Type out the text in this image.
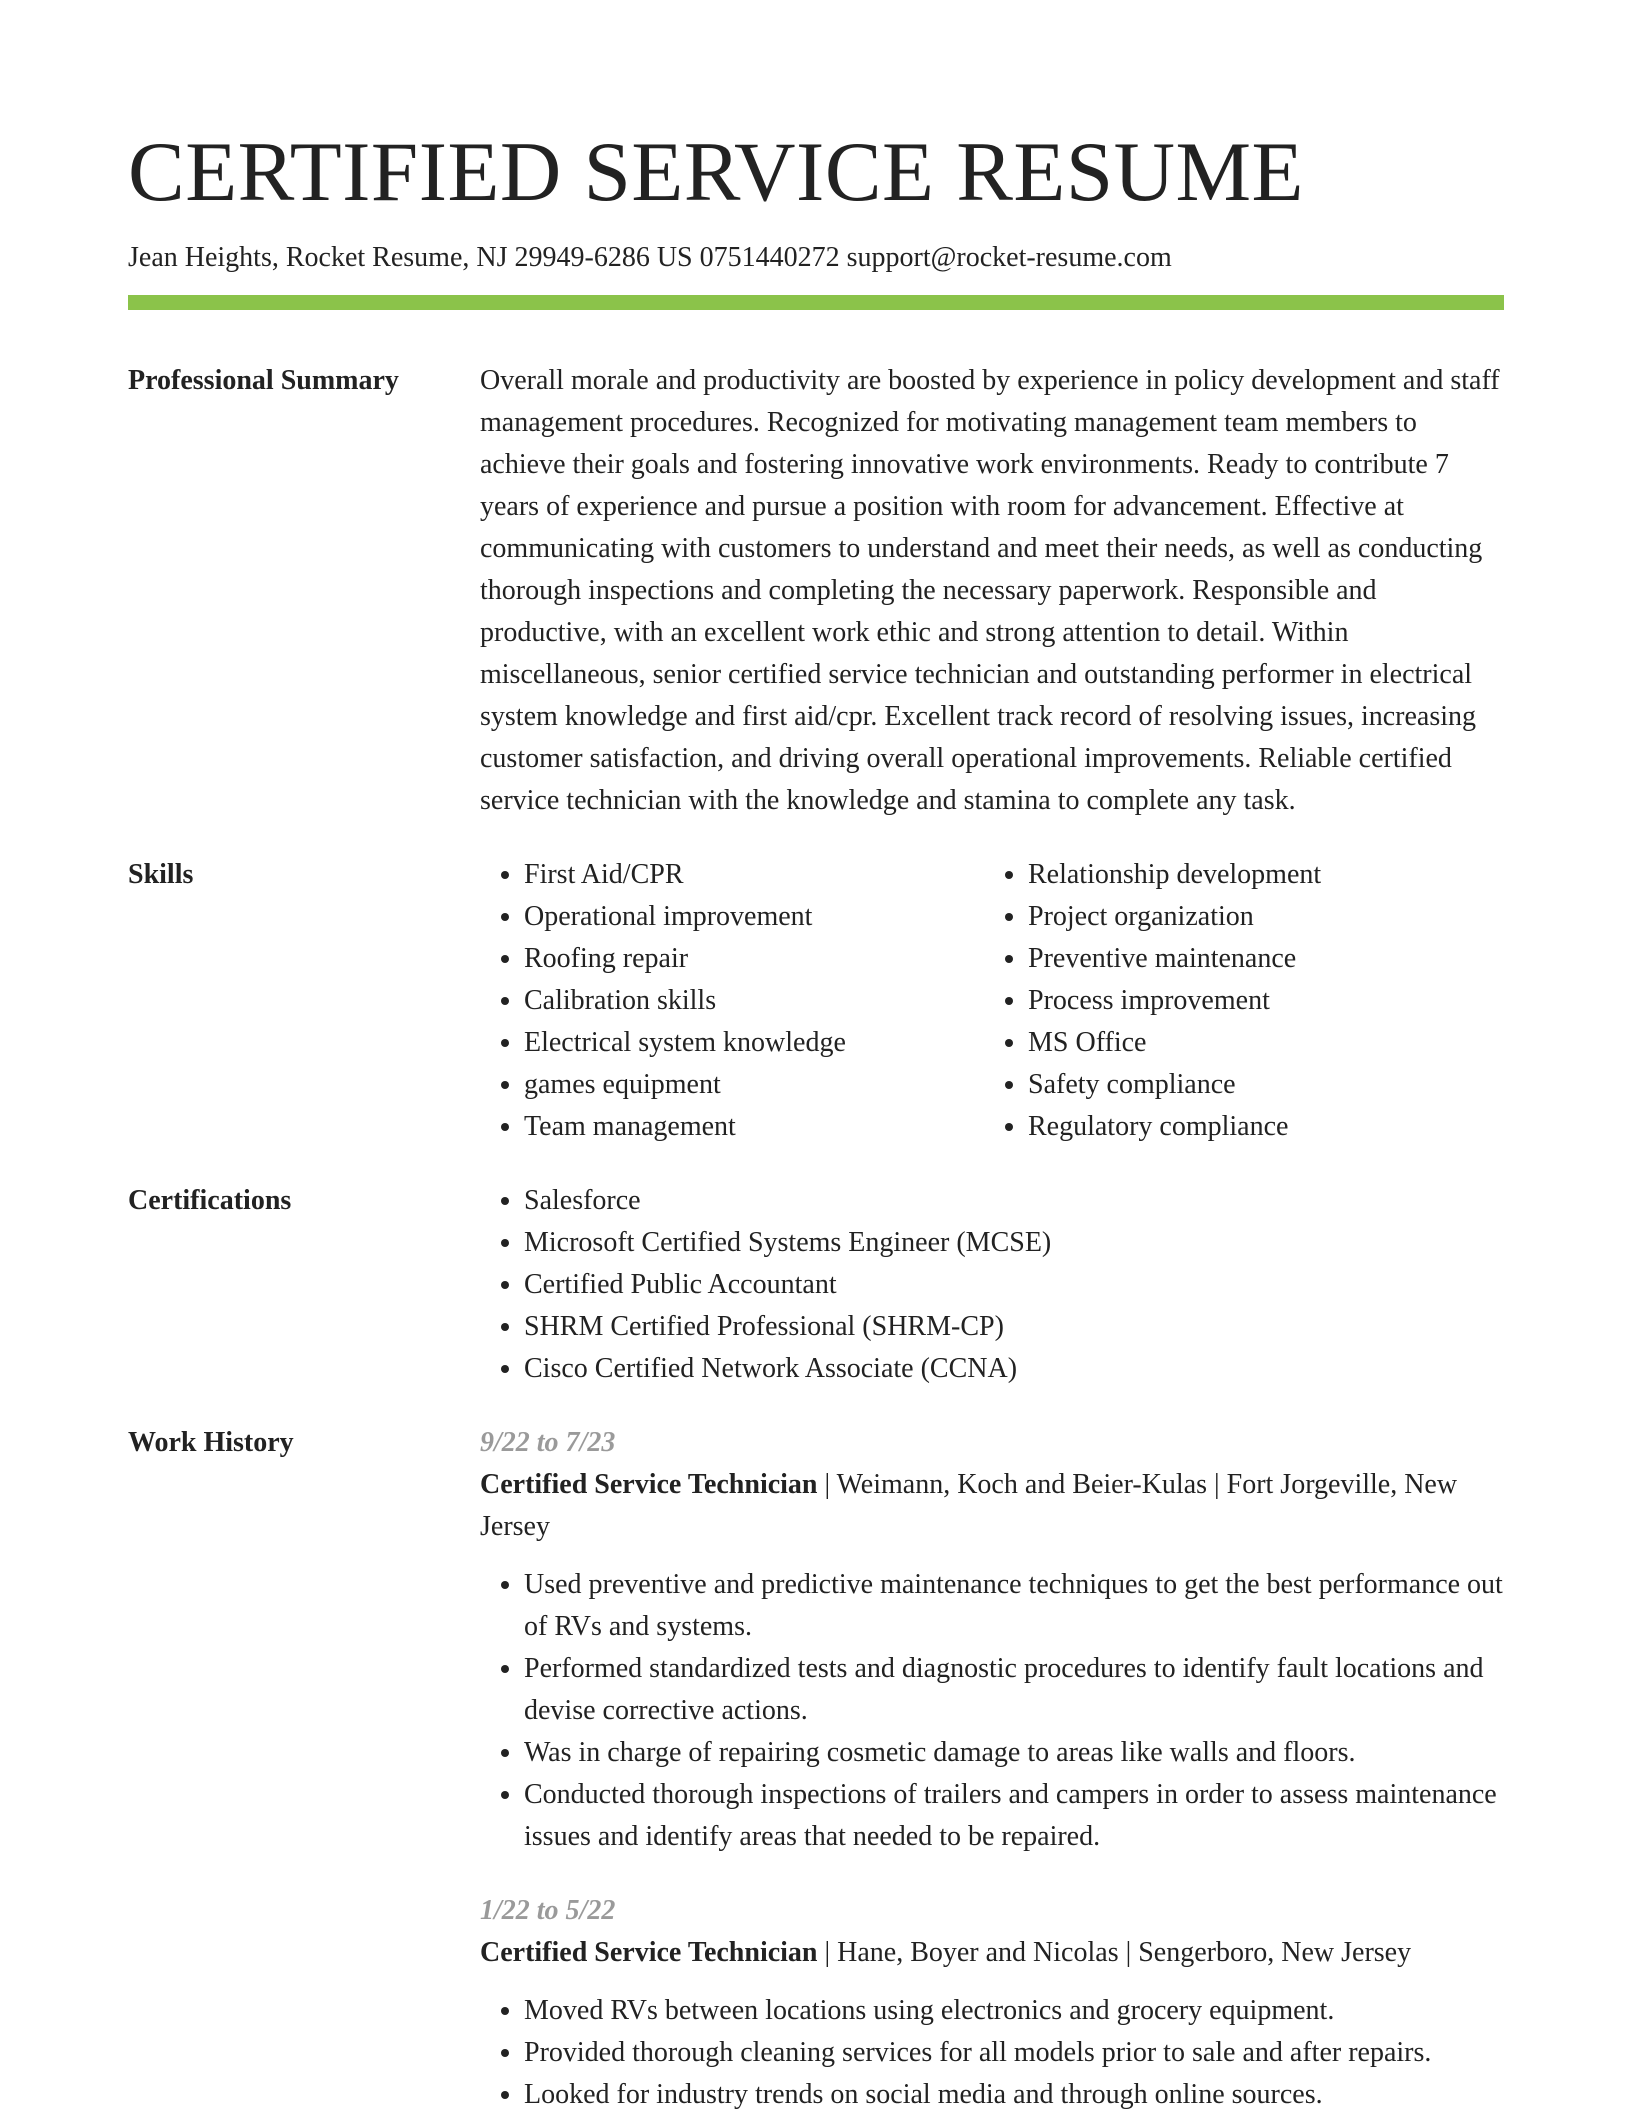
CERTIFIED SERVICE RESUME
Jean Heights, Rocket Resume, NJ 29949-6286 US 0751440272 support@rocket-resume.com
Professional Summary	Overall morale and productivity are boosted by experience in policy development and staff management procedures. Recognized for motivating management team members to achieve their goals and fostering innovative work environments. Ready to contribute 7 years of experience and pursue a position with room for advancement. Effective at communicating with customers to understand and meet their needs, as well as conducting thorough inspections and completing the necessary paperwork. Responsible and productive, with an excellent work ethic and strong attention to detail. Within miscellaneous, senior certified service technician and outstanding performer in electrical system knowledge and first aid/cpr. Excellent track record of resolving issues, increasing customer satisfaction, and driving overall operational improvements. Reliable certified service technician with the knowledge and stamina to complete any task.

Skills	• First Aid/CPR
• Operational improvement
• Roofing repair
• Calibration skills
• Electrical system knowledge
• games equipment
• Team management
• Relationship development
• Project organization
• Preventive maintenance
• Process improvement
• MS Office
• Safety compliance
• Regulatory compliance
Certifications	• Salesforce
• Microsoft Certified Systems Engineer (MCSE)
• Certified Public Accountant
• SHRM Certified Professional (SHRM-CP)
• Cisco Certified Network Associate (CCNA)
Work History	9/22 to 7/23

Certified Service Technician | Weimann, Koch and Beier-Kulas | Fort Jorgeville, New Jersey

• Used preventive and predictive maintenance techniques to get the best performance out of RVs and systems.
• Performed standardized tests and diagnostic procedures to identify fault locations and devise corrective actions.
• Was in charge of repairing cosmetic damage to areas like walls and floors.
• Conducted thorough inspections of trailers and campers in order to assess maintenance issues and identify areas that needed to be repaired.
1/22 to 5/22

Certified Service Technician | Hane, Boyer and Nicolas | Sengerboro, New Jersey

• Moved RVs between locations using electronics and grocery equipment.
• Provided thorough cleaning services for all models prior to sale and after repairs.
• Looked for industry trends on social media and through online sources.
